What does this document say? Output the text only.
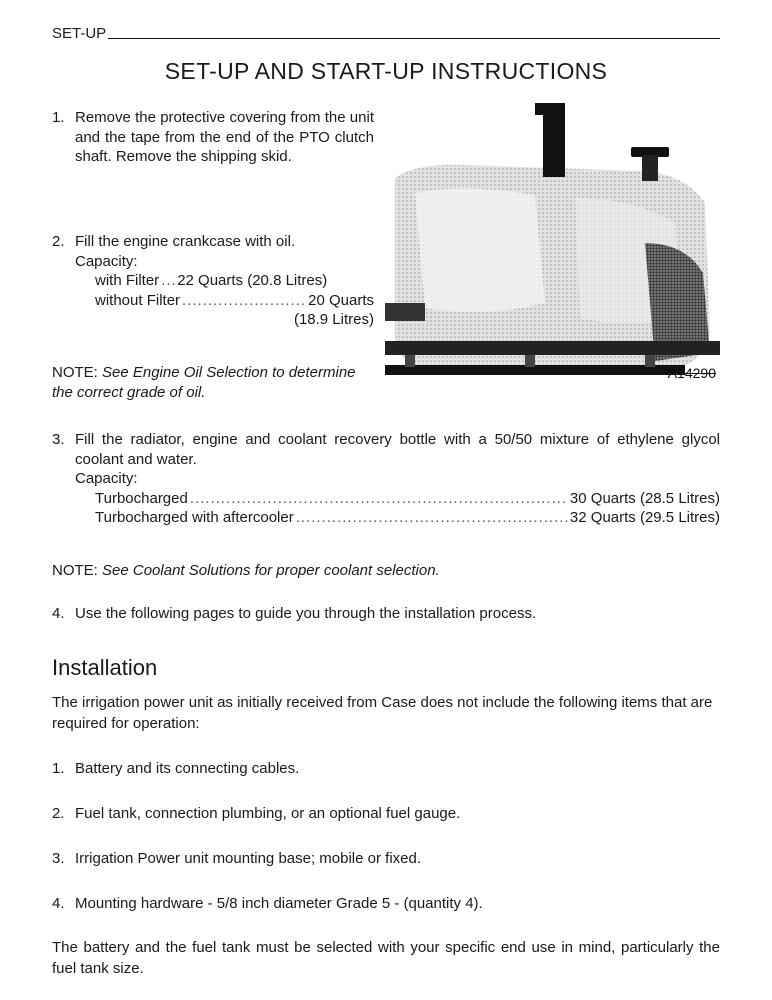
SET-UP
SET-UP AND START-UP INSTRUCTIONS
1. Remove the protective covering from the unit and the tape from the end of the PTO clutch shaft. Remove the shipping skid.
2. Fill the engine crankcase with oil.
Capacity:
with Filter ..... 22 Quarts (20.8 Litres)
without Filter .....	20 Quarts
(18.9 Litres)
NOTE: See Engine Oil Selection to determine the correct grade of oil.
A14290
3. Fill the radiator, engine and coolant recovery bottle with a 50/50 mixture of ethylene glycol coolant and water.
Capacity:
Turbocharged .....	30 Quarts (28.5 Litres)
Turbocharged with aftercooler .....	32 Quarts (29.5 Litres)
NOTE: See Coolant Solutions for proper coolant selection.
4. Use the following pages to guide you through the installation process.
Installation
The irrigation power unit as initially received from Case does not include the following items that are required for operation:
1. Battery and its connecting cables.
2. Fuel tank, connection plumbing, or an optional fuel gauge.
3. Irrigation Power unit mounting base; mobile or fixed.
4. Mounting hardware - 5/8 inch diameter Grade 5 - (quantity 4).
The battery and the fuel tank must be selected with your specific end use in mind, particularly the fuel tank size.
